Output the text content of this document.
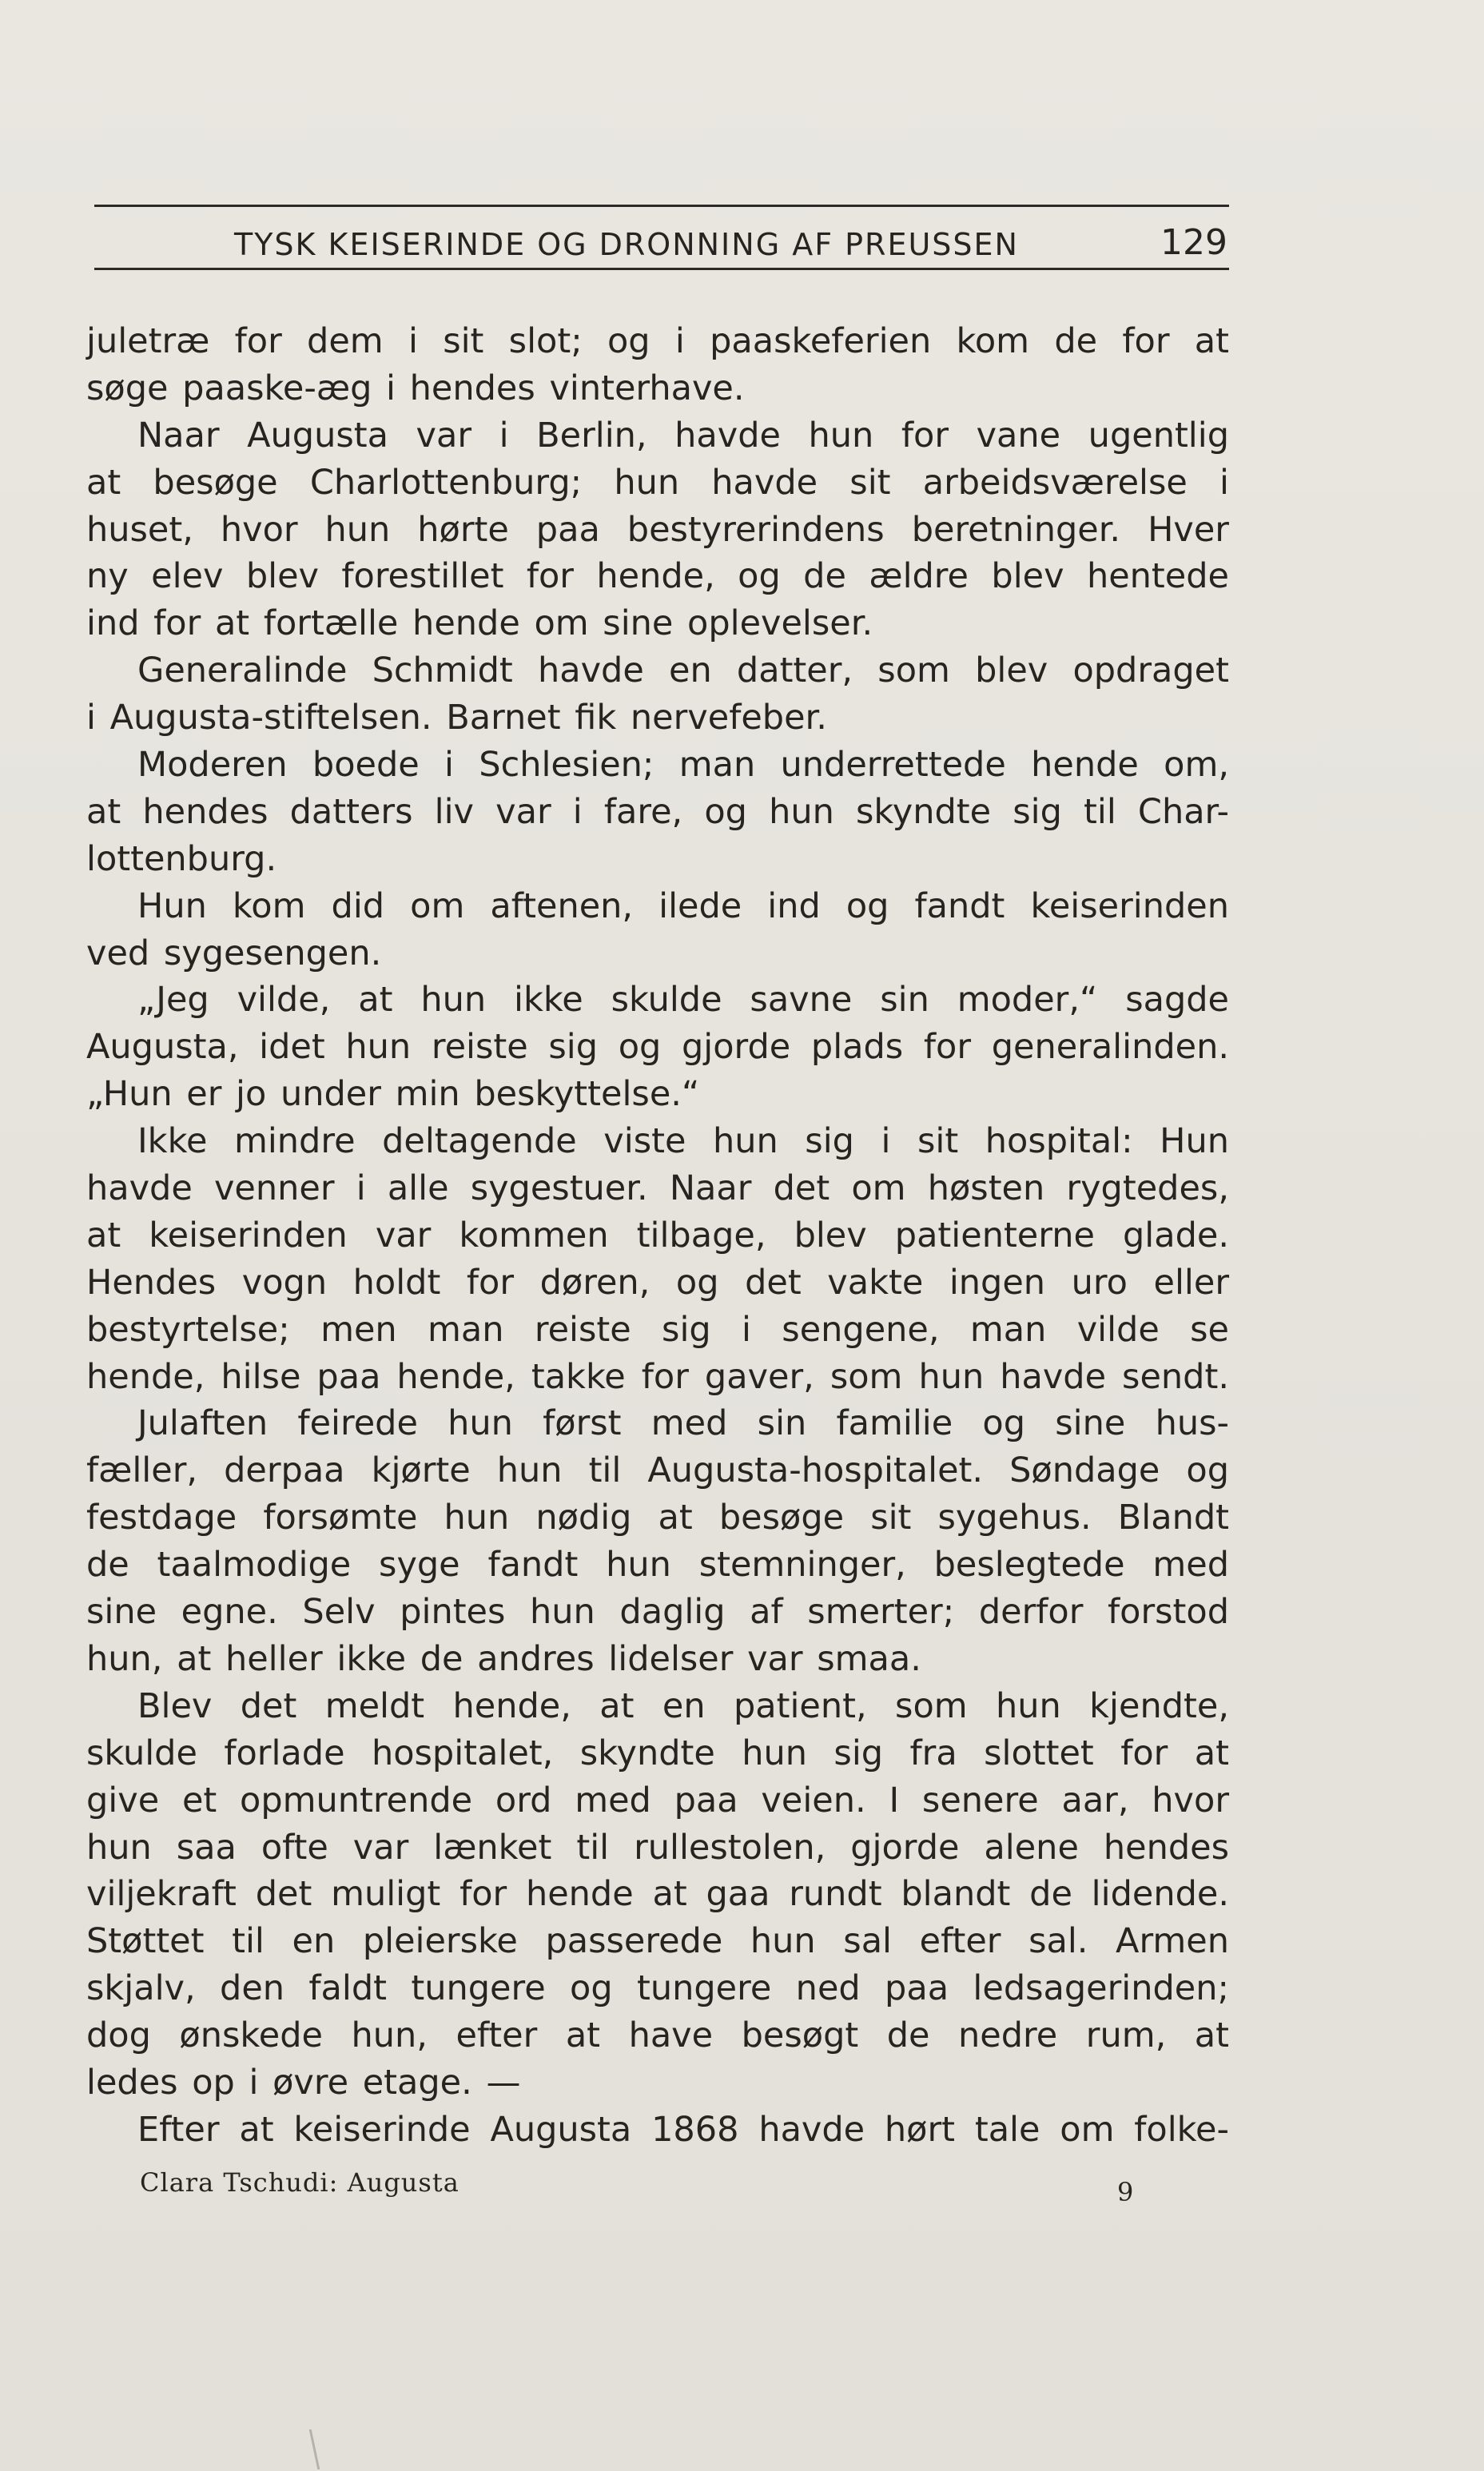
TYSK KEISERINDE OG DRONNING AF PREUSSEN	129
juletræ for dem i sit slot; og i paaskeferien kom de for at
søge paaske-æg i hendes vinterhave.
Naar Augusta var i Berlin, havde hun for vane ugentlig
at besøge Charlottenburg; hun havde sit arbeidsværelse i
huset, hvor hun hørte paa bestyrerindens beretninger. Hver
ny elev blev forestillet for hende, og de ældre blev hentede
ind for at fortælle hende om sine oplevelser.
Generalinde Schmidt havde en datter, som blev opdraget
i Augusta-stiftelsen. Barnet fik nervefeber.
Moderen boede i Schlesien; man underrettede hende om,
at hendes datters liv var i fare, og hun skyndte sig til Char-
lottenburg.
Hun kom did om aftenen, ilede ind og fandt keiserinden
ved sygesengen.
„Jeg vilde, at hun ikke skulde savne sin moder,“ sagde
Augusta, idet hun reiste sig og gjorde plads for generalinden.
„Hun er jo under min beskyttelse.“
Ikke mindre deltagende viste hun sig i sit hospital: Hun
havde venner i alle sygestuer. Naar det om høsten rygtedes,
at keiserinden var kommen tilbage, blev patienterne glade.
Hendes vogn holdt for døren, og det vakte ingen uro eller
bestyrtelse; men man reiste sig i sengene, man vilde se
hende, hilse paa hende, takke for gaver, som hun havde sendt.
Julaften feirede hun først med sin familie og sine hus-
fæller, derpaa kjørte hun til Augusta-hospitalet. Søndage og
festdage forsømte hun nødig at besøge sit sygehus. Blandt
de taalmodige syge fandt hun stemninger, beslegtede med
sine egne. Selv pintes hun daglig af smerter; derfor forstod
hun, at heller ikke de andres lidelser var smaa.
Blev det meldt hende, at en patient, som hun kjendte,
skulde forlade hospitalet, skyndte hun sig fra slottet for at
give et opmuntrende ord med paa veien. I senere aar, hvor
hun saa ofte var lænket til rullestolen, gjorde alene hendes
viljekraft det muligt for hende at gaa rundt blandt de lidende.
Støttet til en pleierske passerede hun sal efter sal. Armen
skjalv, den faldt tungere og tungere ned paa ledsagerinden;
dog ønskede hun, efter at have besøgt de nedre rum, at
ledes op i øvre etage. —
Efter at keiserinde Augusta 1868 havde hørt tale om folke-
Clara Tschudi: Augusta	9
